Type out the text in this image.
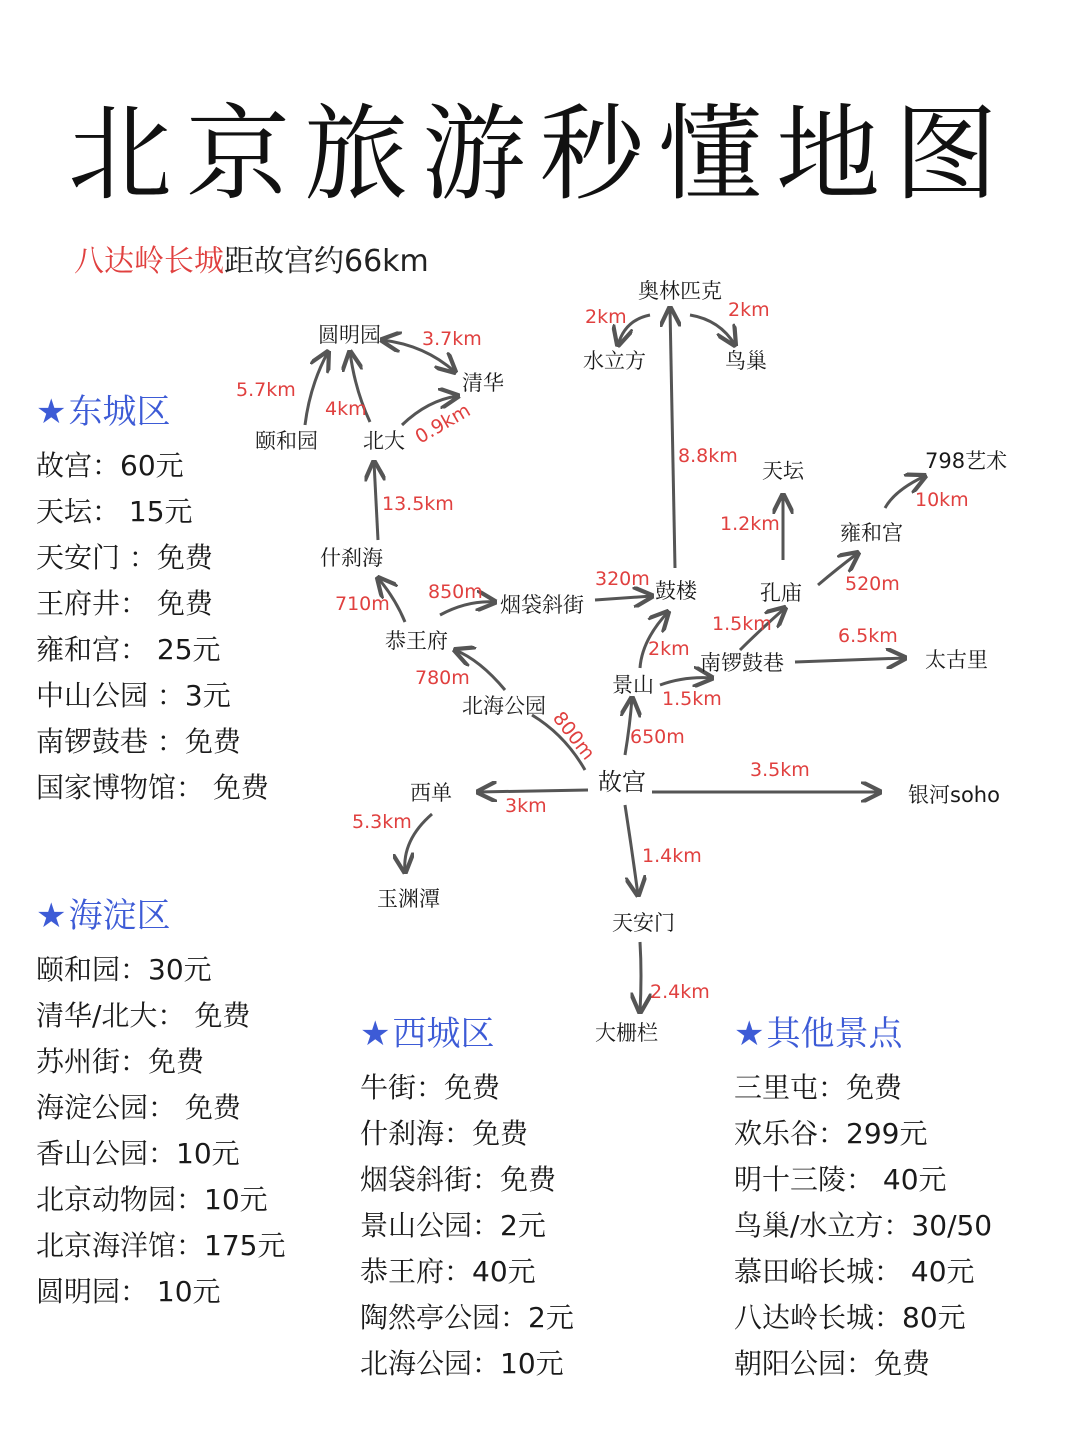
北京旅游秒懂地图
八达岭长城距故宫约66km
故宫
天安门
大栅栏
西单
玉渊潭
银河soho
北海公园
恭王府
什刹海
北大
颐和园
圆明园
清华
烟袋斜街
鼓楼
景山
南锣鼓巷
孔庙
天坛
雍和宫
798艺术
太古里
奥林匹克
水立方	鸟巢
1.4km
2.4km
3km
5.3km
3.5km
800m
780m
710m
850m
320m
13.5km
4km
5.7km
3.7km
0.9km
650m
2km
1.5km
1.5km
6.5km
1.2km
520m
10km
8.8km
2km	2km
★东城区
故宫：60元
天坛： 15元
天安门 ：免费
王府井： 免费
雍和宫： 25元
中山公园 ：3元
南锣鼓巷 ：免费
国家博物馆： 免费
★海淀区
颐和园：30元
清华/北大： 免费
苏州街：免费
海淀公园： 免费
香山公园：10元
北京动物园：10元
北京海洋馆：175元
圆明园： 10元
★西城区
牛街：免费
什刹海：免费
烟袋斜街：免费
景山公园：2元
恭王府：40元
陶然亭公园：2元
北海公园：10元
★其他景点
三里屯：免费
欢乐谷：299元
明十三陵： 40元
鸟巢/水立方：30/50
慕田峪长城： 40元
八达岭长城：80元
朝阳公园：免费
